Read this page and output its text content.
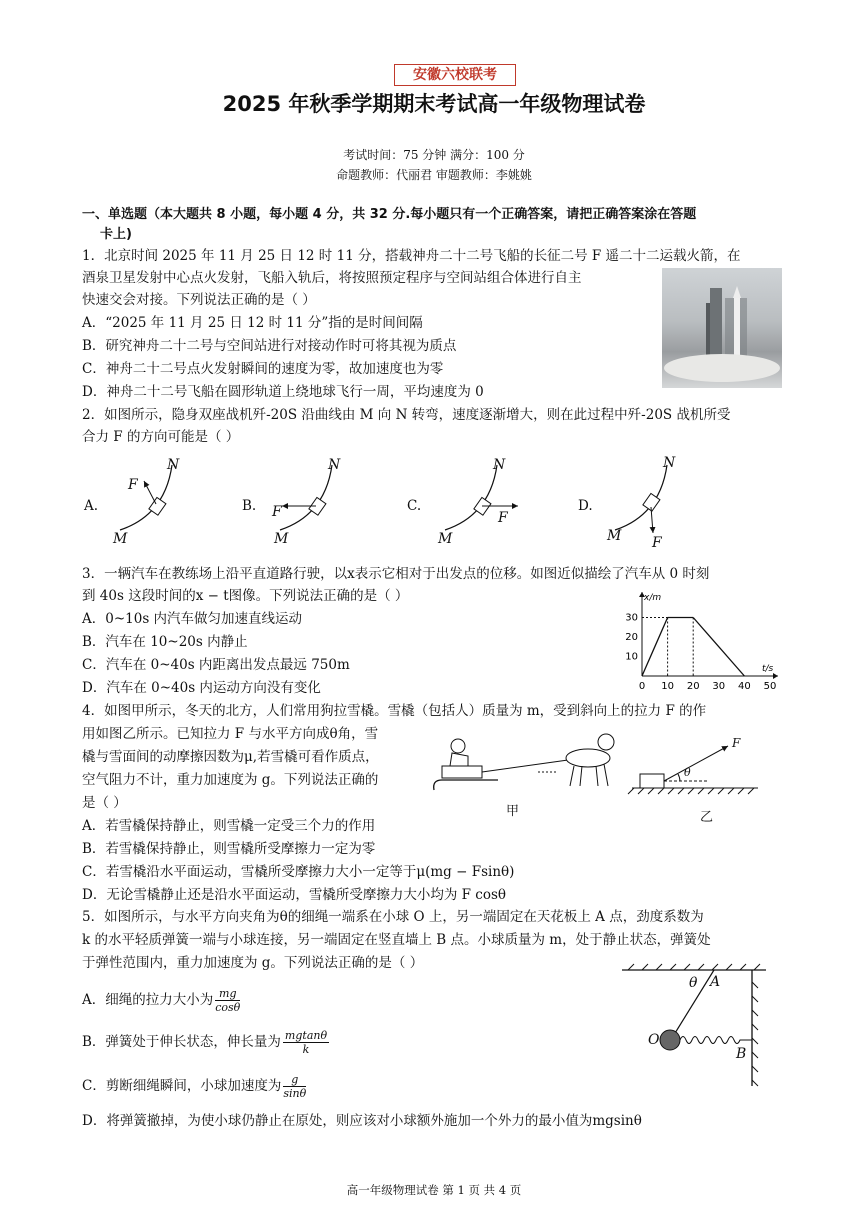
安徽六校联考
2025 年秋季学期期末考试高一年级物理试卷
考试时间：75 分钟 满分：100 分
命题教师：代丽君 审题教师：李姚姚
一、单选题（本大题共 8 小题，每小题 4 分，共 32 分.每小题只有一个正确答案，请把正确答案涂在答题
卡上)
1．北京时间 2025 年 11 月 25 日 12 时 11 分，搭载神舟二十二号飞船的长征二号 F 遥二十二运载火箭，在
酒泉卫星发射中心点火发射，飞船入轨后，将按照预定程序与空间站组合体进行自主
快速交会对接。下列说法正确的是（ ）
A．“2025 年 11 月 25 日 12 时 11 分”指的是时间间隔
B．研究神舟二十二号与空间站进行对接动作时可将其视为质点
C．神舟二十二号点火发射瞬间的速度为零，故加速度也为零
D．神舟二十二号飞船在圆形轨道上绕地球飞行一周，平均速度为 0
2．如图所示，隐身双座战机歼-20S 沿曲线由 M 向 N 转弯，速度逐渐增大，则在此过程中歼-20S 战机所受
合力 F 的方向可能是（ ）
A.	B.	C.	D.
N
M
F
N
M
F
N
M
F
N
M F
3．一辆汽车在教练场上沿平直道路行驶，以x表示它相对于出发点的位移。如图近似描绘了汽车从 0 时刻
到 40s 这段时间的x − t图像。下列说法正确的是（ ）
A．0~10s 内汽车做匀加速直线运动
B．汽车在 10~20s 内静止
C．汽车在 0~40s 内距离出发点最远 750m
D．汽车在 0~40s 内运动方向没有变化	0 10 20 30 40 50
10
20
30
x/m
t/s
4．如图甲所示，冬天的北方，人们常用狗拉雪橇。雪橇（包括人）质量为 m，受到斜向上的拉力 F 的作
用如图乙所示。已知拉力 F 与水平方向成θ角，雪
橇与雪面间的动摩擦因数为μ,若雪橇可看作质点，
空气阻力不计，重力加速度为 g。下列说法正确的
是（ ）
A．若雪橇保持静止，则雪橇一定受三个力的作用
B．若雪橇保持静止，则雪橇所受摩擦力一定为零
C．若雪橇沿水平面运动，雪橇所受摩擦力大小一定等于μ(mg − Fsinθ)
D．无论雪橇静止还是沿水平面运动，雪橇所受摩擦力大小均为 F cosθ
甲	乙
F
θ
5．如图所示，与水平方向夹角为θ的细绳一端系在小球 O 上，另一端固定在天花板上 A 点，劲度系数为
k 的水平轻质弹簧一端与小球连接，另一端固定在竖直墙上 B 点。小球质量为 m，处于静止状态，弹簧处
于弹性范围内，重力加速度为 g。下列说法正确的是（ ）
A．细绳的拉力大小为 $\frac{mg}{\cos\theta}$
B．弹簧处于伸长状态，伸长量为 $\frac{mgtan\theta}{k}$
C．剪断细绳瞬间，小球加速度为 $\frac{g}{\sin\theta}$
D．将弹簧撤掉，为使小球仍静止在原处，则应该对小球额外施加一个外力的最小值为mgsinθ
θ A
O
B
高一年级物理试卷 第 1 页 共 4 页
